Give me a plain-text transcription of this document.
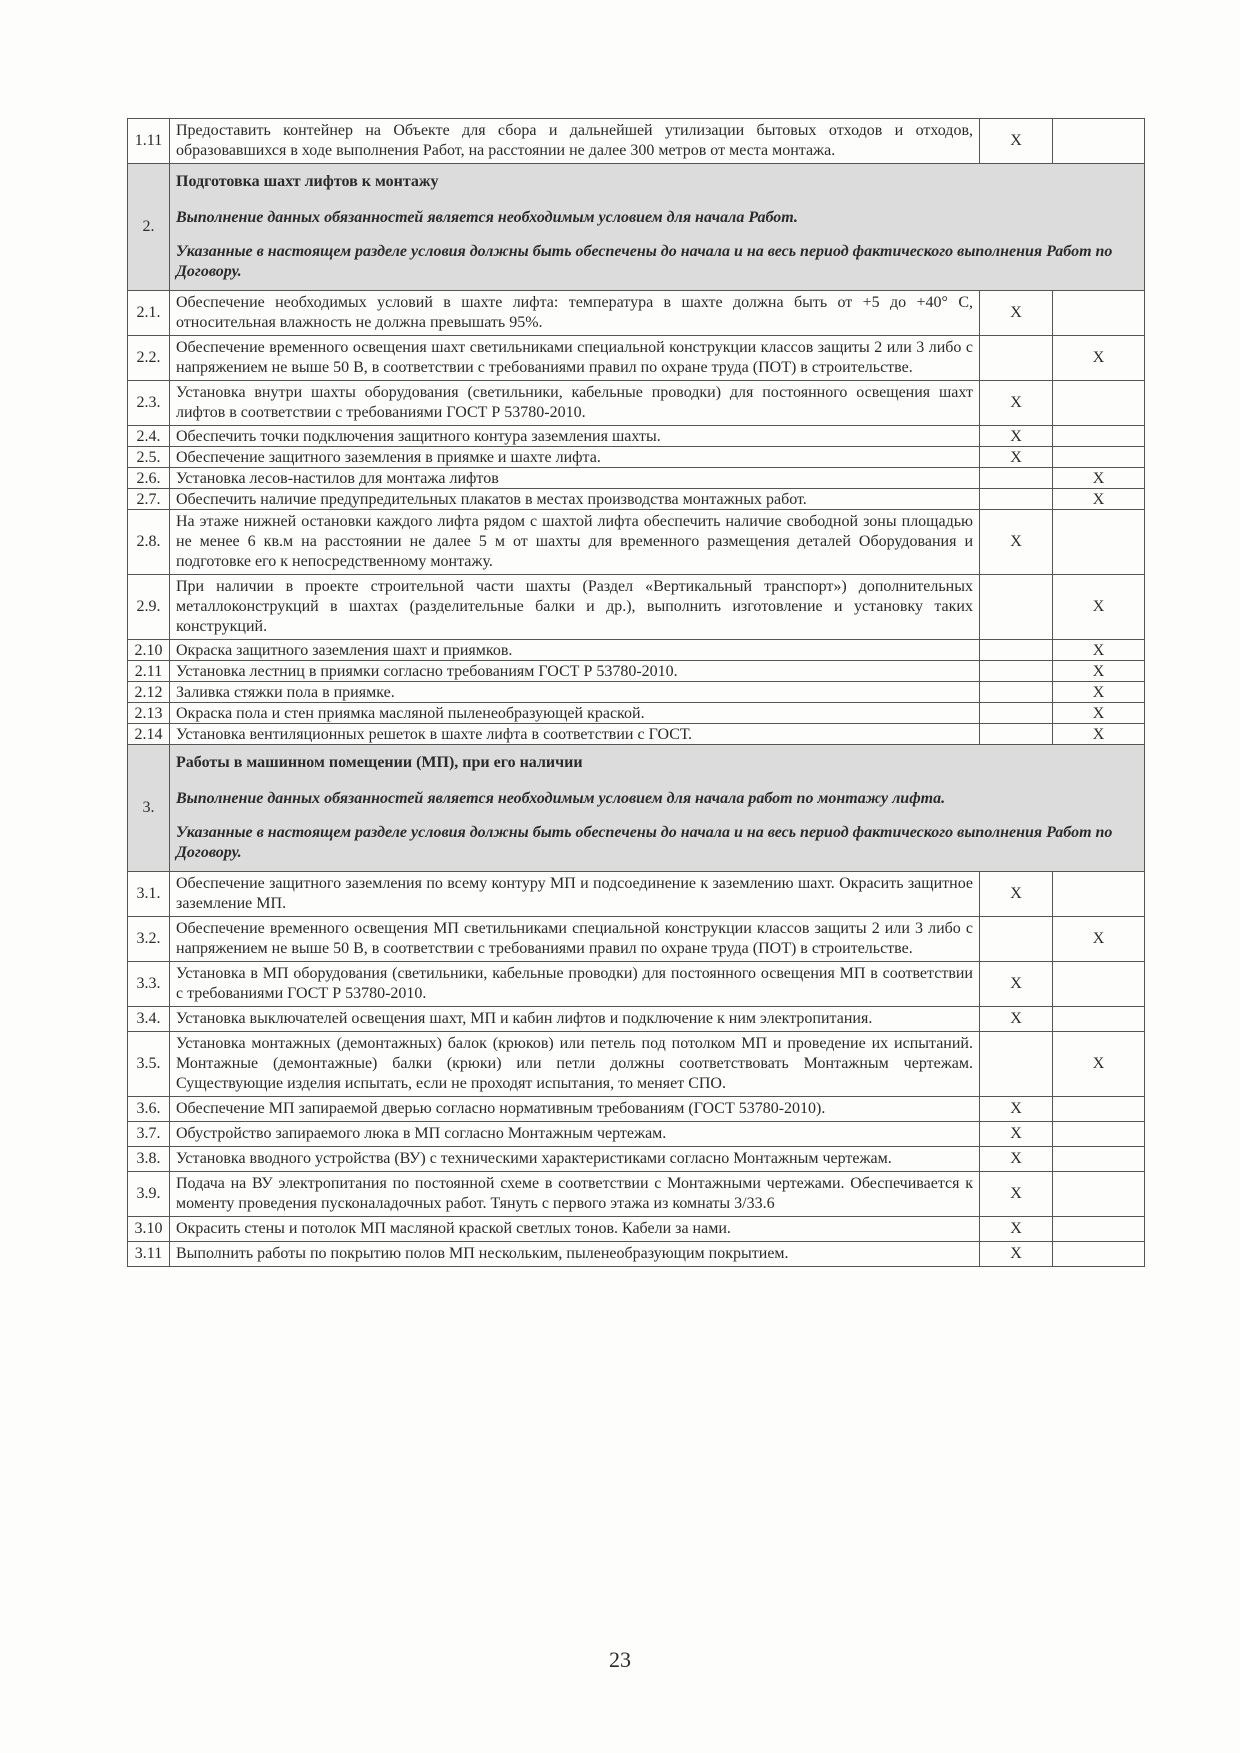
1.11	Предоставить контейнер на Объекте для сбора и дальнейшей утилизации бытовых отходов и отходов, образовавшихся в ходе выполнения Работ, на расстоянии не далее 300 метров от места монтажа.	Х	
2.	Подготовка шахт лифтов к монтажу
Выполнение данных обязанностей является необходимым условием для начала Работ.
Указанные в настоящем разделе условия должны быть обеспечены до начала и на весь период фактического выполнения Работ по Договору.		

2.1.	Обеспечение необходимых условий в шахте лифта: температура в шахте должна быть от +5 до +40° С, относительная влажность не должна превышать 95%.	Х	
2.2.	Обеспечение временного освещения шахт светильниками специальной конструкции классов защиты 2 или 3 либо с напряжением не выше 50 В, в соответствии с требованиями правил по охране труда (ПОТ) в строительстве.		Х
2.3.	Установка внутри шахты оборудования (светильники, кабельные проводки) для постоянного освещения шахт лифтов в соответствии с требованиями ГОСТ Р 53780-2010.	Х	
2.4.	Обеспечить точки подключения защитного контура заземления шахты.	Х	
2.5.	Обеспечение защитного заземления в приямке и шахте лифта.	Х	
2.6.	Установка лесов-настилов для монтажа лифтов		Х
2.7.	Обеспечить наличие предупредительных плакатов в местах производства монтажных работ.		Х
2.8.	На этаже нижней остановки каждого лифта рядом с шахтой лифта обеспечить наличие свободной зоны площадью не менее 6 кв.м на расстоянии не далее 5 м от шахты для временного размещения деталей Оборудования и подготовке его к непосредственному монтажу.	Х	
2.9.	При наличии в проекте строительной части шахты (Раздел «Вертикальный транспорт») дополнительных металлоконструкций в шахтах (разделительные балки и др.), выполнить изготовление и установку таких конструкций.		Х
2.10	Окраска защитного заземления шахт и приямков.		Х
2.11	Установка лестниц в приямки согласно требованиям ГОСТ Р 53780-2010.		Х
2.12	Заливка стяжки пола в приямке.		Х
2.13	Окраска пола и стен приямка масляной пыленеобразующей краской.		Х
2.14	Установка вентиляционных решеток в шахте лифта в соответствии с ГОСТ.		Х
3.	Работы в машинном помещении (МП), при его наличии
Выполнение данных обязанностей является необходимым условием для начала работ по монтажу лифта.
Указанные в настоящем разделе условия должны быть обеспечены до начала и на весь период фактического выполнения Работ по Договору.		

3.1.	Обеспечение защитного заземления по всему контуру МП и подсоединение к заземлению шахт. Окрасить защитное заземление МП.	Х	
3.2.	Обеспечение временного освещения МП светильниками специальной конструкции классов защиты 2 или 3 либо с напряжением не выше 50 В, в соответствии с требованиями правил по охране труда (ПОТ) в строительстве.		Х
3.3.	Установка в МП оборудования (светильники, кабельные проводки) для постоянного освещения МП в соответствии с требованиями ГОСТ Р 53780-2010.	Х	
3.4.	Установка выключателей освещения шахт, МП и кабин лифтов и подключение к ним электропитания.	Х	
3.5.	Установка монтажных (демонтажных) балок (крюков) или петель под потолком МП и проведение их испытаний. Монтажные (демонтажные) балки (крюки) или петли должны соответствовать Монтажным чертежам. Существующие изделия испытать, если не проходят испытания, то меняет СПО.		Х
3.6.	Обеспечение МП запираемой дверью согласно нормативным требованиям (ГОСТ 53780-2010).	Х	
3.7.	Обустройство запираемого люка в МП согласно Монтажным чертежам.	Х	
3.8.	Установка вводного устройства (ВУ) с техническими характеристиками согласно Монтажным чертежам.	Х	
3.9.	Подача на ВУ электропитания по постоянной схеме в соответствии с Монтажными чертежами. Обеспечивается к моменту проведения пусконаладочных работ. Тянуть с первого этажа из комнаты 3/33.6	Х	
3.10	Окрасить стены и потолок МП масляной краской светлых тонов. Кабели за нами.	Х	
3.11	Выполнить работы по покрытию полов МП нескольким, пыленеобразующим покрытием.	Х	
23
